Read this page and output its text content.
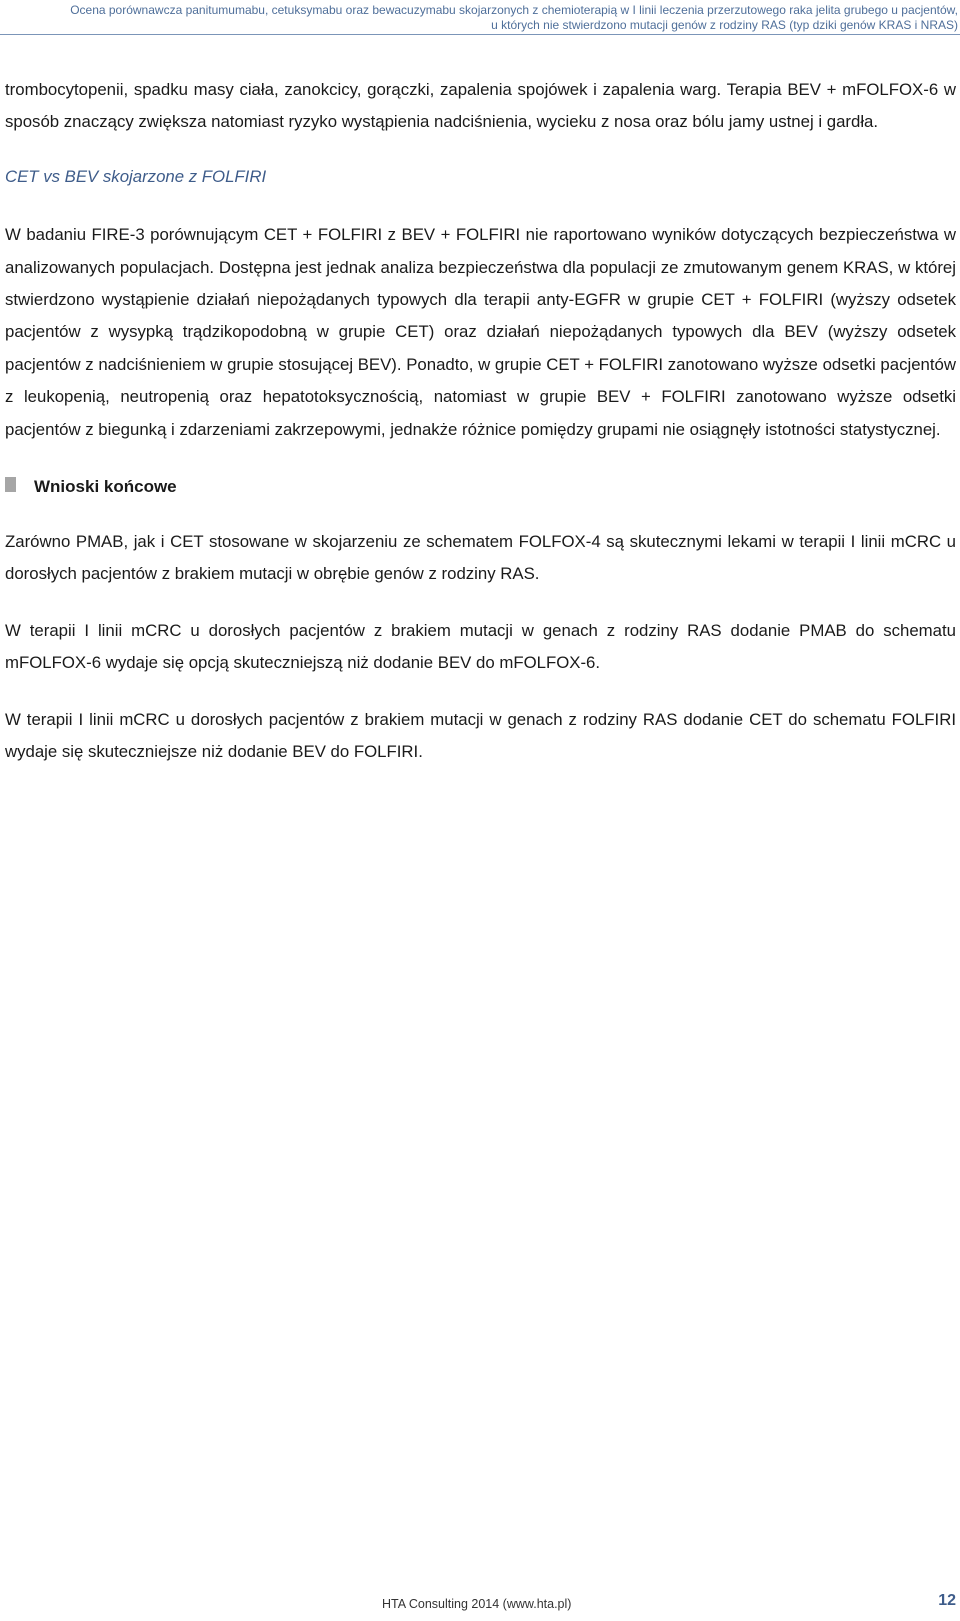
Ocena porównawcza panitumumabu, cetuksymabu oraz bewacuzymabu skojarzonych z chemioterapią w I linii leczenia przerzutowego raka jelita grubego u pacjentów,
u których nie stwierdzono mutacji genów z rodziny RAS (typ dziki genów KRAS i NRAS)

trombocytopenii, spadku masy ciała, zanokcicy, gorączki, zapalenia spojówek i zapalenia warg. Terapia BEV + mFOLFOX-6 w sposób znaczący zwiększa natomiast ryzyko wystąpienia nadciśnienia, wycieku z nosa oraz bólu jamy ustnej i gardła.

CET vs BEV skojarzone z FOLFIRI

W badaniu FIRE-3 porównującym CET + FOLFIRI z BEV + FOLFIRI nie raportowano wyników dotyczących bezpieczeństwa w analizowanych populacjach. Dostępna jest jednak analiza bezpieczeństwa dla populacji ze zmutowanym genem KRAS, w której stwierdzono wystąpienie działań niepożądanych typowych dla terapii anty-EGFR w grupie CET + FOLFIRI (wyższy odsetek pacjentów z wysypką trądzikopodobną w grupie CET) oraz działań niepożądanych typowych dla BEV (wyższy odsetek pacjentów z nadciśnieniem w grupie stosującej BEV). Ponadto, w grupie CET + FOLFIRI zanotowano wyższe odsetki pacjentów z leukopenią, neutropenią oraz hepatotoksycznością, natomiast w grupie BEV + FOLFIRI zanotowano wyższe odsetki pacjentów z biegunką i zdarzeniami zakrzepowymi, jednakże różnice pomiędzy grupami nie osiągnęły istotności statystycznej.

Wnioski końcowe

Zarówno PMAB, jak i CET stosowane w skojarzeniu ze schematem FOLFOX-4 są skutecznymi lekami w terapii I linii mCRC u dorosłych pacjentów z brakiem mutacji w obrębie genów z rodziny RAS.

W terapii I linii mCRC u dorosłych pacjentów z brakiem mutacji w genach z rodziny RAS dodanie PMAB do schematu mFOLFOX-6 wydaje się opcją skuteczniejszą niż dodanie BEV do mFOLFOX-6.

W terapii I linii mCRC u dorosłych pacjentów z brakiem mutacji w genach z rodziny RAS dodanie CET do schematu FOLFIRI wydaje się skuteczniejsze niż dodanie BEV do FOLFIRI.

HTA Consulting 2014 (www.hta.pl)	12
